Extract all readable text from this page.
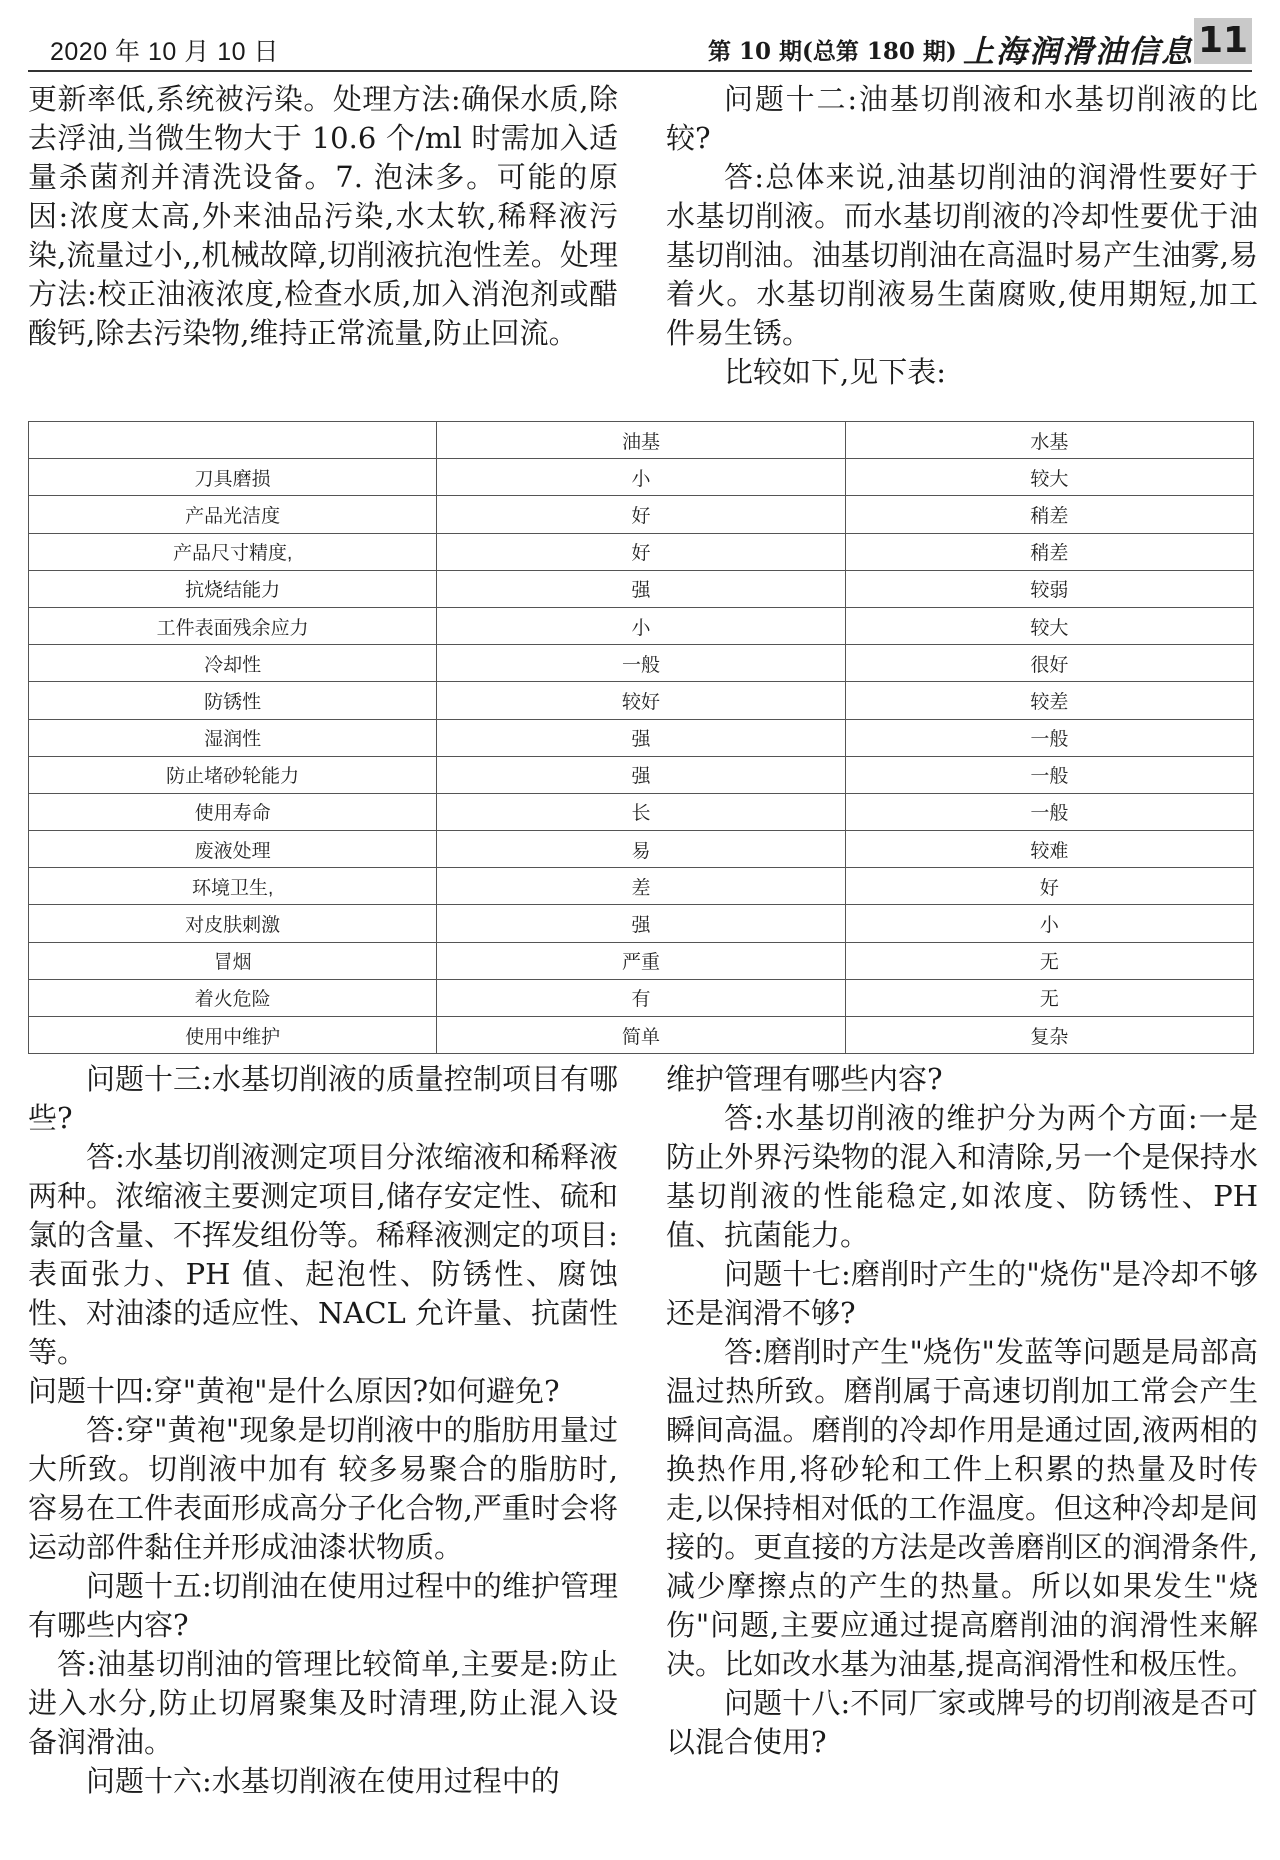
2020 年 10 月 10 日	第 10 期(总第 180 期) 上海润滑油信息 11

更新率低,系统被污染。处理方法:确保水质,除去浮油,当微生物大于 10.6 个/ml 时需加入适量杀菌剂并清洗设备。7. 泡沫多。可能的原因:浓度太高,外来油品污染,水太软,稀释液污染,流量过小,,机械故障,切削液抗泡性差。处理方法:校正油液浓度,检查水质,加入消泡剂或醋酸钙,除去污染物,维持正常流量,防止回流。

问题十二:油基切削液和水基切削液的比较?

答:总体来说,油基切削油的润滑性要好于水基切削液。而水基切削液的冷却性要优于油基切削油。油基切削油在高温时易产生油雾,易着火。水基切削液易生菌腐败,使用期短,加工件易生锈。

比较如下,见下表:

	油基	水基
刀具磨损	小	较大
产品光洁度	好	稍差
产品尺寸精度,	好	稍差
抗烧结能力	强	较弱
工件表面残余应力	小	较大
冷却性	一般	很好
防锈性	较好	较差
湿润性	强	一般
防止堵砂轮能力	强	一般
使用寿命	长	一般
废液处理	易	较难
环境卫生,	差	好
对皮肤刺激	强	小
冒烟	严重	无
着火危险	有	无
使用中维护	简单	复杂

问题十三:水基切削液的质量控制项目有哪些?

答:水基切削液测定项目分浓缩液和稀释液两种。浓缩液主要测定项目,储存安定性、硫和氯的含量、不挥发组份等。稀释液测定的项目:表面张力、PH 值、起泡性、防锈性、腐蚀性、对油漆的适应性、NACL 允许量、抗菌性等。

问题十四:穿"黄袍"是什么原因?如何避免?

答:穿"黄袍"现象是切削液中的脂肪用量过大所致。切削液中加有 较多易聚合的脂肪时,容易在工件表面形成高分子化合物,严重时会将运动部件黏住并形成油漆状物质。

问题十五:切削油在使用过程中的维护管理有哪些内容?

答:油基切削油的管理比较简单,主要是:防止进入水分,防止切屑聚集及时清理,防止混入设备润滑油。

问题十六:水基切削液在使用过程中的

维护管理有哪些内容?

答:水基切削液的维护分为两个方面:一是防止外界污染物的混入和清除,另一个是保持水基切削液的性能稳定,如浓度、防锈性、PH 值、抗菌能力。

问题十七:磨削时产生的"烧伤"是冷却不够还是润滑不够?

答:磨削时产生"烧伤"发蓝等问题是局部高温过热所致。磨削属于高速切削加工常会产生瞬间高温。磨削的冷却作用是通过固,液两相的换热作用,将砂轮和工件上积累的热量及时传走,以保持相对低的工作温度。但这种冷却是间接的。更直接的方法是改善磨削区的润滑条件,减少摩擦点的产生的热量。所以如果发生"烧伤"问题,主要应通过提高磨削油的润滑性来解决。比如改水基为油基,提高润滑性和极压性。

问题十八:不同厂家或牌号的切削液是否可以混合使用?
